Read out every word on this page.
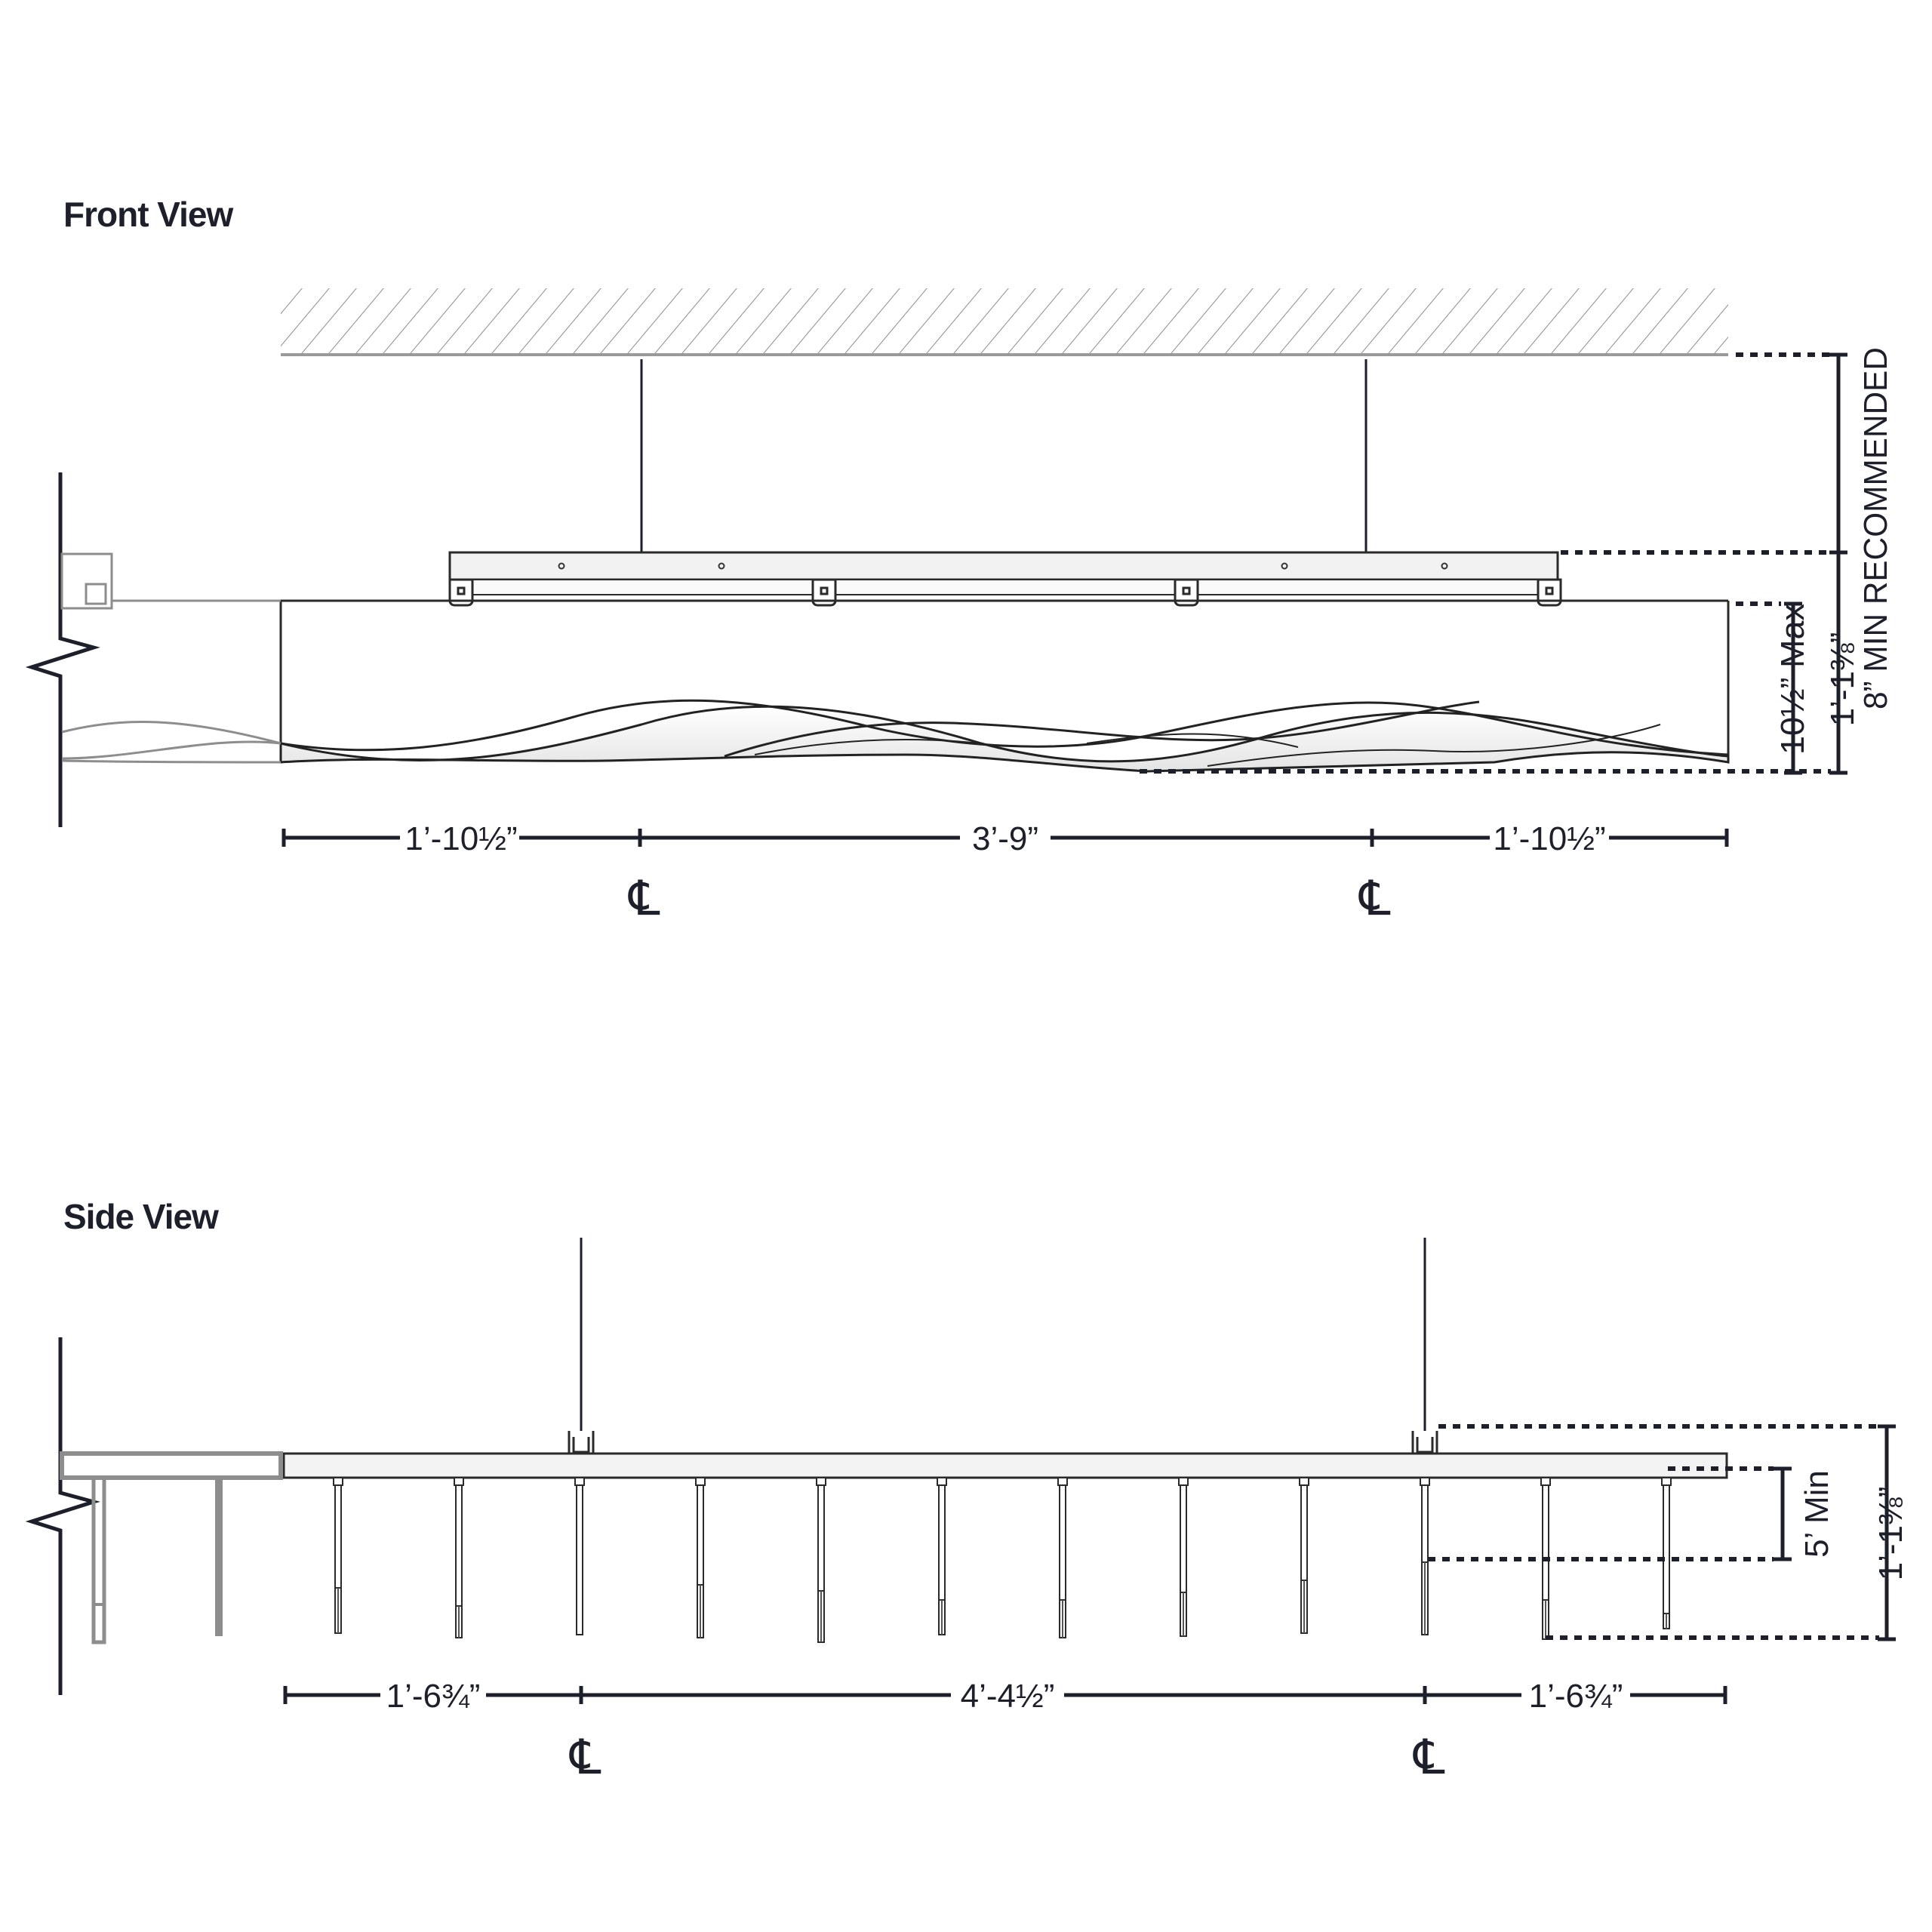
Front View
1’-10½”	3’-9”	1’-10½”
℄	℄
8” MIN RECOMMENDED
10½” Max 1’-1⅜”
Side View
1’-6¾”	4’-4½”	1’-6¾”
℄	℄
5’ Min 1’-1⅜”
